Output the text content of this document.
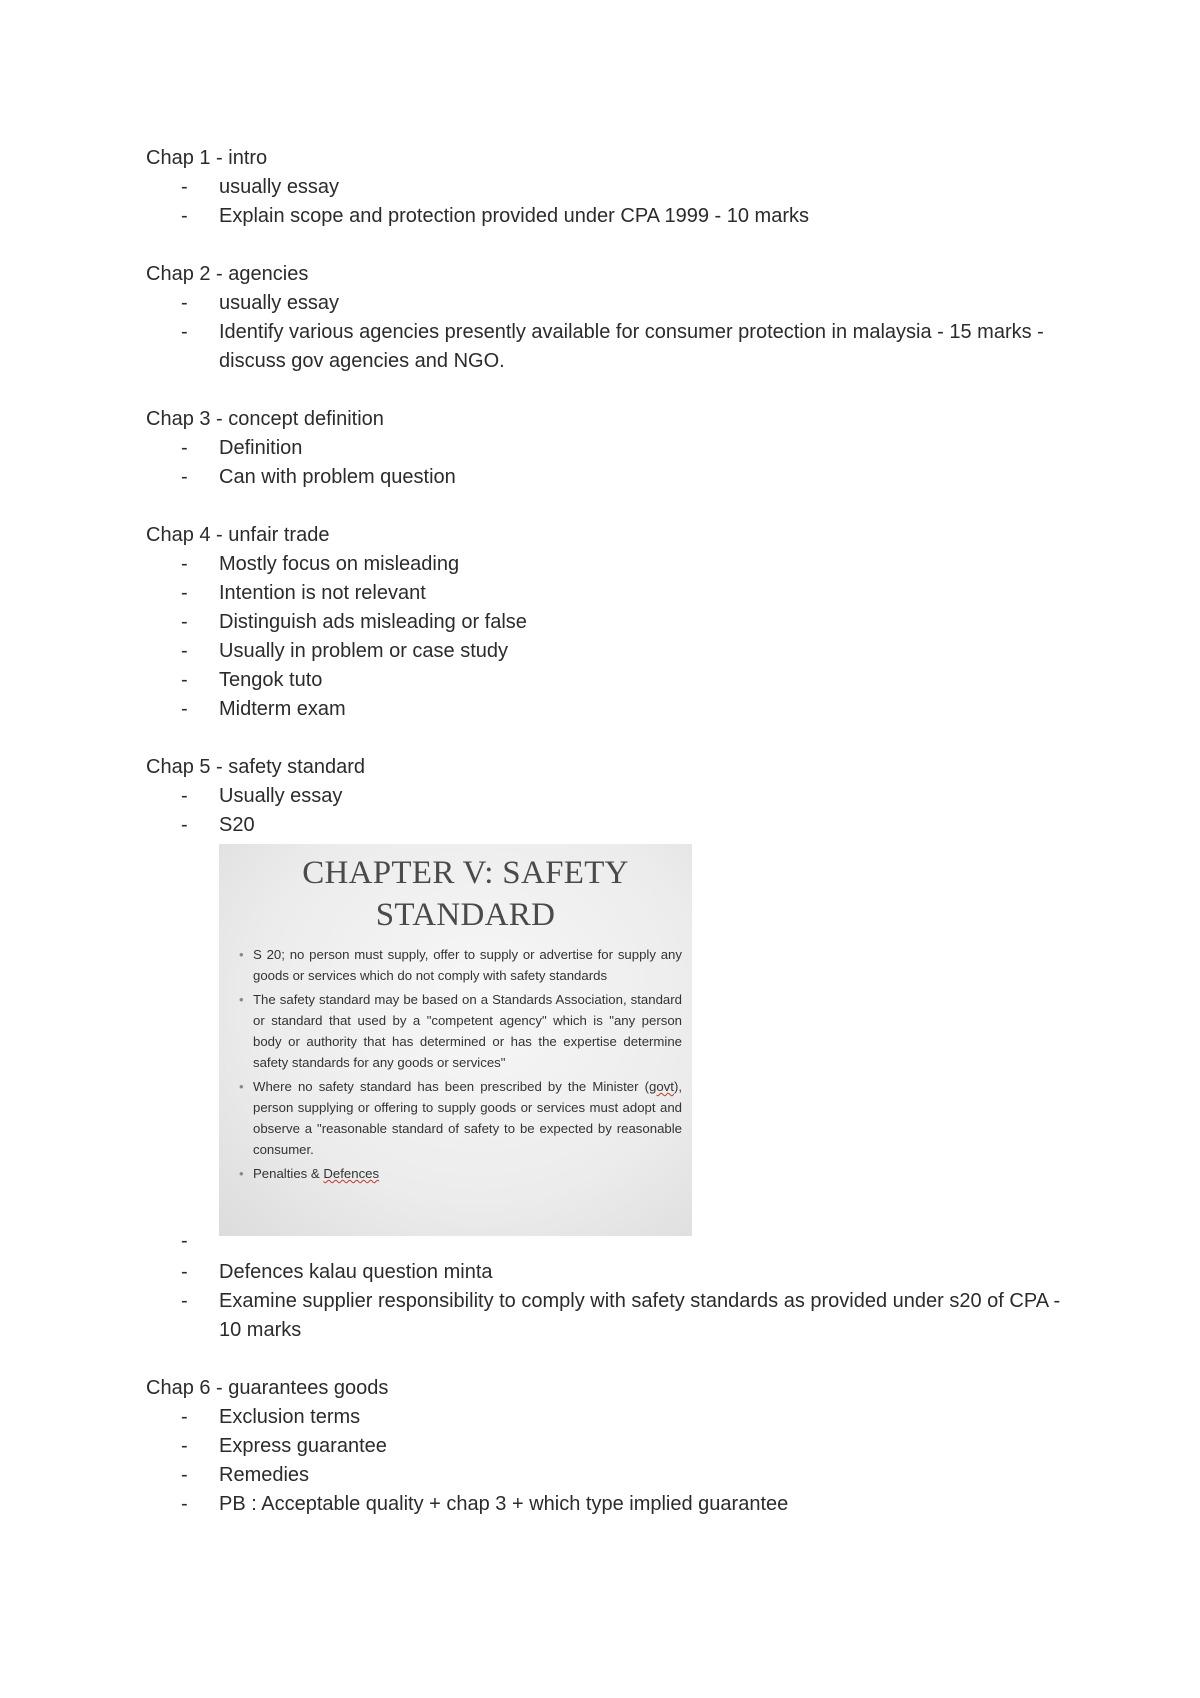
Chap 1 - intro

- usually essay
- Explain scope and protection provided under CPA 1999 - 10 marks

Chap 2 - agencies

- usually essay
- Identify various agencies presently available for consumer protection in malaysia - 15 marks - discuss gov agencies and NGO.

Chap 3 - concept definition

- Definition
- Can with problem question

Chap 4 - unfair trade

- Mostly focus on misleading
- Intention is not relevant
- Distinguish ads misleading or false
- Usually in problem or case study
- Tengok tuto
- Midterm exam

Chap 5 - safety standard

- Usually essay
- S20
CHAPTER V: SAFETY
STANDARD
• S 20; no person must supply, offer to supply or advertise for supply any goods or services which do not comply with safety standards
• The safety standard may be based on a Standards Association, standard or standard that used by a "competent agency" which is "any person body or authority that has determined or has the expertise determine safety standards for any goods or services"
• Where no safety standard has been prescribed by the Minister (govt), person supplying or offering to supply goods or services must adopt and observe a "reasonable standard of safety to be expected by reasonable consumer.
• Penalties & Defences
-
- Defences kalau question minta
- Examine supplier responsibility to comply with safety standards as provided under s20 of CPA - 10 marks

Chap 6 - guarantees goods

- Exclusion terms
- Express guarantee
- Remedies
- PB : Acceptable quality + chap 3 + which type implied guarantee
